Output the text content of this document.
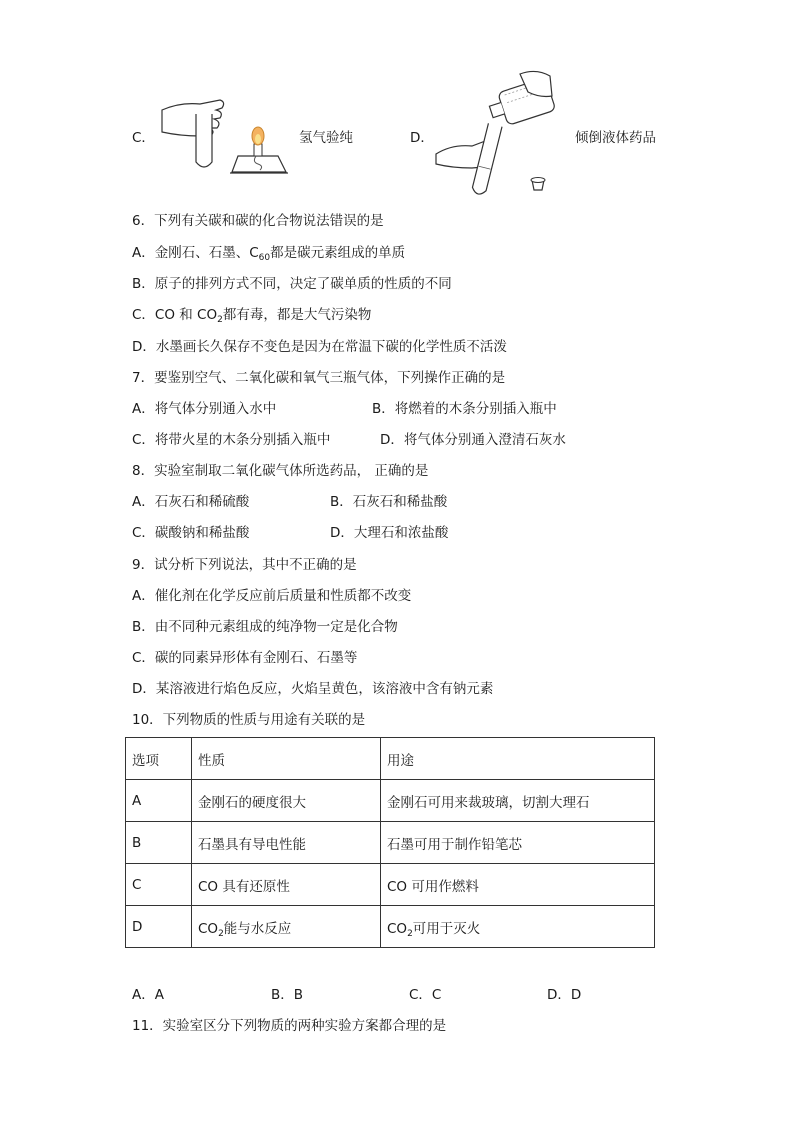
C．	氢气验纯	D．	倾倒液体药品
6．下列有关碳和碳的化合物说法错误的是
A．金刚石、石墨、$C_{60}$都是碳元素组成的单质
B．原子的排列方式不同，决定了碳单质的性质的不同
C．CO 和 $CO_2$都有毒，都是大气污染物
D．水墨画长久保存不变色是因为在常温下碳的化学性质不活泼
7．要鉴别空气、二氧化碳和氧气三瓶气体，下列操作正确的是
A．将气体分别通入水中	B．将燃着的木条分别插入瓶中
C．将带火星的木条分别插入瓶中	D．将气体分别通入澄清石灰水
8．实验室制取二氧化碳气体所选药品， 正确的是
A．石灰石和稀硫酸	B．石灰石和稀盐酸
C．碳酸钠和稀盐酸	D．大理石和浓盐酸
9．试分析下列说法，其中不正确的是
A．催化剂在化学反应前后质量和性质都不改变
B．由不同种元素组成的纯净物一定是化合物
C．碳的同素异形体有金刚石、石墨等
D．某溶液进行焰色反应，火焰呈黄色，该溶液中含有钠元素
10．下列物质的性质与用途有关联的是
选项	性质	用途
A	金刚石的硬度很大	金刚石可用来裁玻璃，切割大理石
B	石墨具有导电性能	石墨可用于制作铅笔芯
C	CO 具有还原性	CO 可用作燃料
D	$CO_2$能与水反应	$CO_2$可用于灭火
A．A	B．B	C．C	D．D
11．实验室区分下列物质的两种实验方案都合理的是
